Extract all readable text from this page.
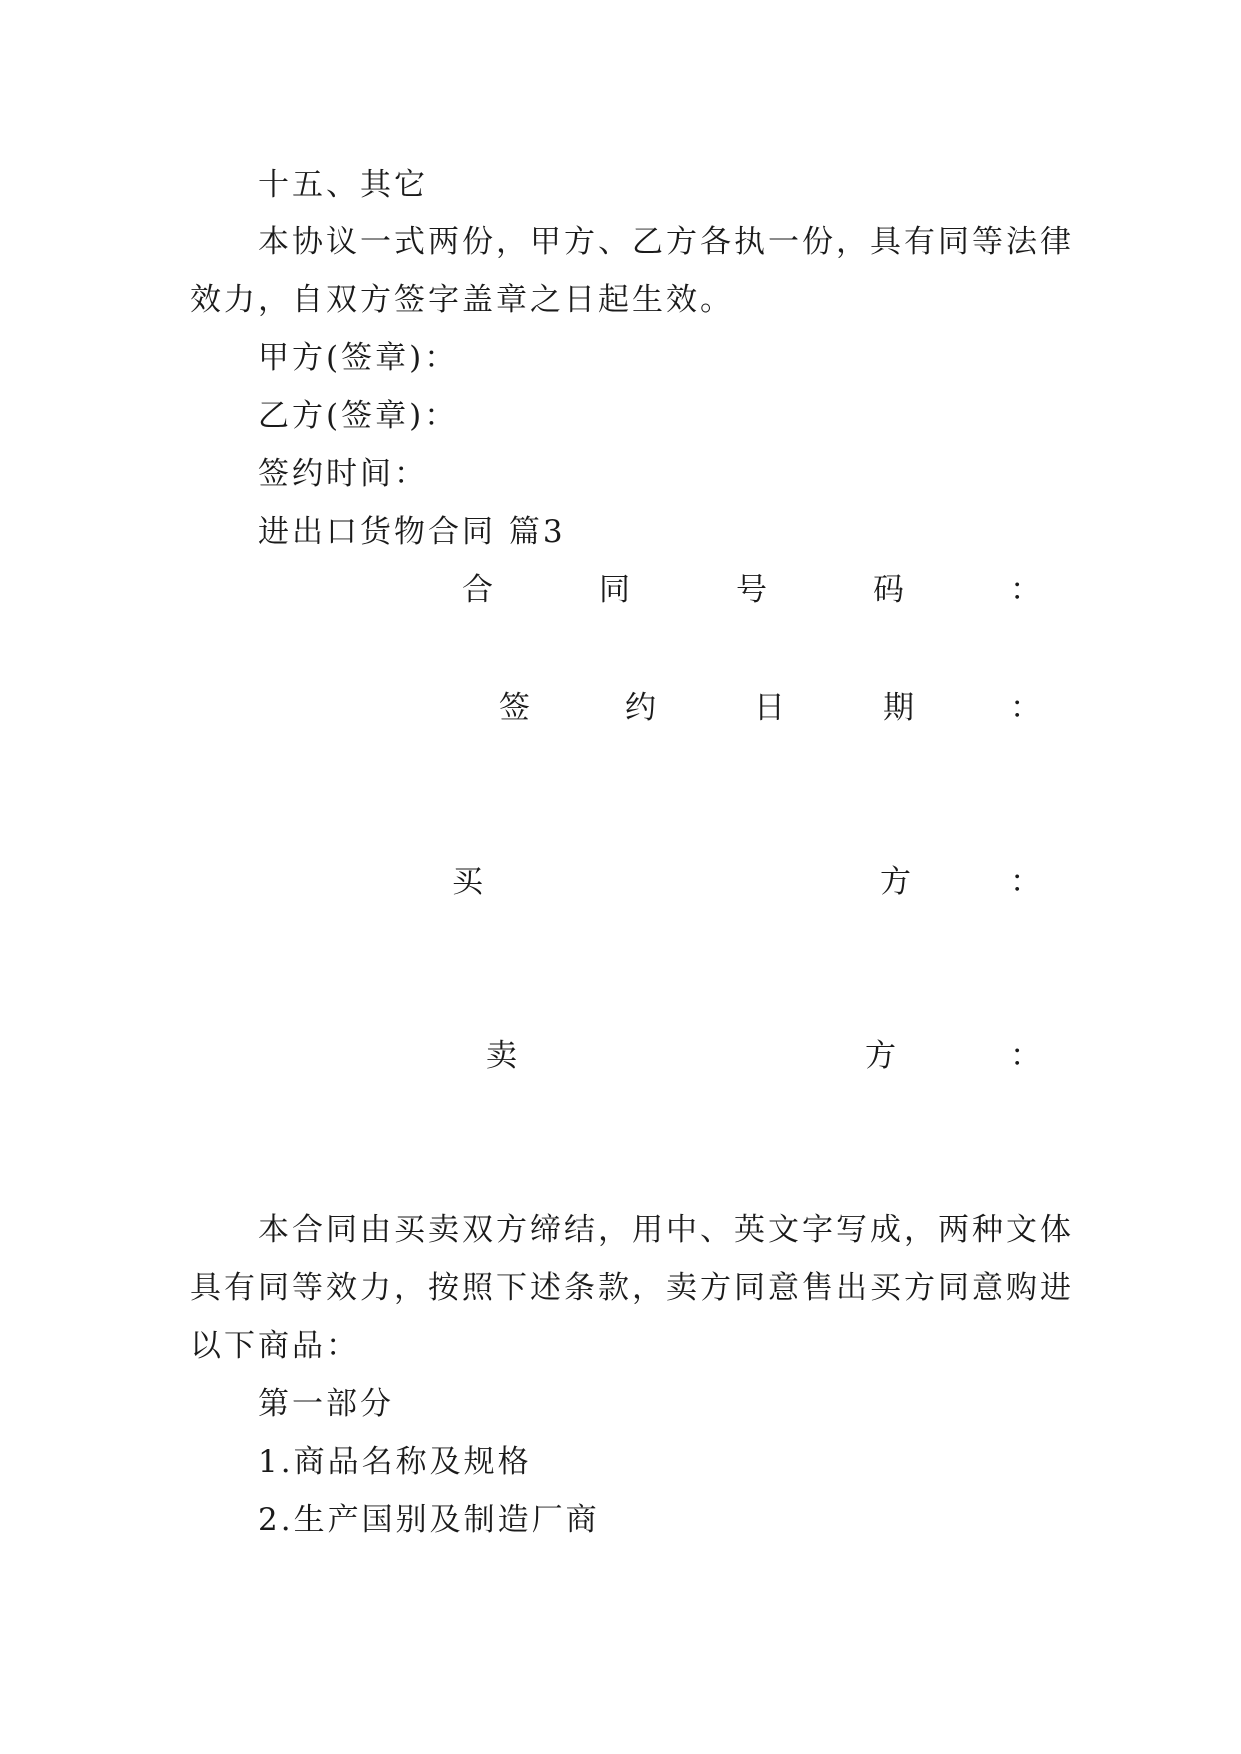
十五、其它
本协议一式两份，甲方、乙方各执一份，具有同等法律
效力，自双方签字盖章之日起生效。
甲方(签章)：
乙方(签章)：
签约时间：
进出口货物合同 篇3
合	同	号	码	：
签	约	日	期	：
买	方	：
卖	方	：
本合同由买卖双方缔结，用中、英文字写成，两种文体
具有同等效力，按照下述条款，卖方同意售出买方同意购进
以下商品：
第一部分
1.商品名称及规格
2.生产国别及制造厂商
